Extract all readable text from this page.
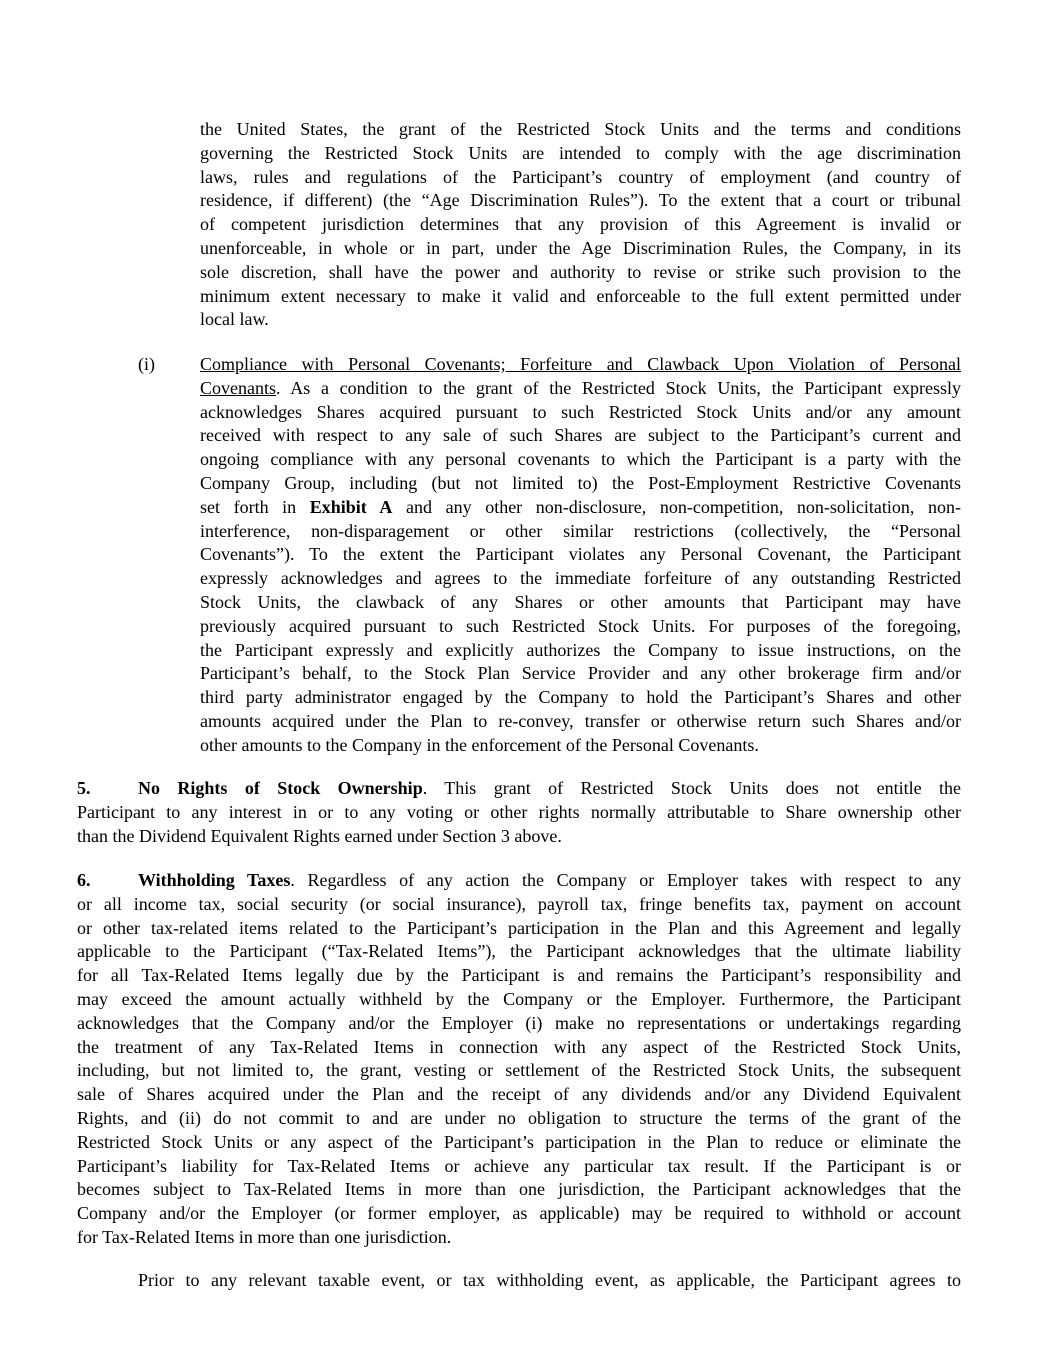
the United States, the grant of the Restricted Stock Units and the terms and conditions
governing the Restricted Stock Units are intended to comply with the age discrimination
laws, rules and regulations of the Participant’s country of employment (and country of
residence, if different) (the “Age Discrimination Rules”). To the extent that a court or tribunal
of competent jurisdiction determines that any provision of this Agreement is invalid or
unenforceable, in whole or in part, under the Age Discrimination Rules, the Company, in its
sole discretion, shall have the power and authority to revise or strike such provision to the
minimum extent necessary to make it valid and enforceable to the full extent permitted under
local law.
(i)	Compliance with Personal Covenants; Forfeiture and Clawback Upon Violation of Personal
Covenants. As a condition to the grant of the Restricted Stock Units, the Participant expressly
acknowledges Shares acquired pursuant to such Restricted Stock Units and/or any amount
received with respect to any sale of such Shares are subject to the Participant’s current and
ongoing compliance with any personal covenants to which the Participant is a party with the
Company Group, including (but not limited to) the Post-Employment Restrictive Covenants
set forth in Exhibit A and any other non-disclosure, non-competition, non-solicitation, non-
interference, non-disparagement or other similar restrictions (collectively, the “Personal
Covenants”). To the extent the Participant violates any Personal Covenant, the Participant
expressly acknowledges and agrees to the immediate forfeiture of any outstanding Restricted
Stock Units, the clawback of any Shares or other amounts that Participant may have
previously acquired pursuant to such Restricted Stock Units. For purposes of the foregoing,
the Participant expressly and explicitly authorizes the Company to issue instructions, on the
Participant’s behalf, to the Stock Plan Service Provider and any other brokerage firm and/or
third party administrator engaged by the Company to hold the Participant’s Shares and other
amounts acquired under the Plan to re-convey, transfer or otherwise return such Shares and/or
other amounts to the Company in the enforcement of the Personal Covenants.
5.	No Rights of Stock Ownership. This grant of Restricted Stock Units does not entitle the
Participant to any interest in or to any voting or other rights normally attributable to Share ownership other
than the Dividend Equivalent Rights earned under Section 3 above.
6.	Withholding Taxes. Regardless of any action the Company or Employer takes with respect to any
or all income tax, social security (or social insurance), payroll tax, fringe benefits tax, payment on account
or other tax-related items related to the Participant’s participation in the Plan and this Agreement and legally
applicable to the Participant (“Tax-Related Items”), the Participant acknowledges that the ultimate liability
for all Tax-Related Items legally due by the Participant is and remains the Participant’s responsibility and
may exceed the amount actually withheld by the Company or the Employer. Furthermore, the Participant
acknowledges that the Company and/or the Employer (i) make no representations or undertakings regarding
the treatment of any Tax-Related Items in connection with any aspect of the Restricted Stock Units,
including, but not limited to, the grant, vesting or settlement of the Restricted Stock Units, the subsequent
sale of Shares acquired under the Plan and the receipt of any dividends and/or any Dividend Equivalent
Rights, and (ii) do not commit to and are under no obligation to structure the terms of the grant of the
Restricted Stock Units or any aspect of the Participant’s participation in the Plan to reduce or eliminate the
Participant’s liability for Tax-Related Items or achieve any particular tax result. If the Participant is or
becomes subject to Tax-Related Items in more than one jurisdiction, the Participant acknowledges that the
Company and/or the Employer (or former employer, as applicable) may be required to withhold or account
for Tax-Related Items in more than one jurisdiction.
Prior to any relevant taxable event, or tax withholding event, as applicable, the Participant agrees to
